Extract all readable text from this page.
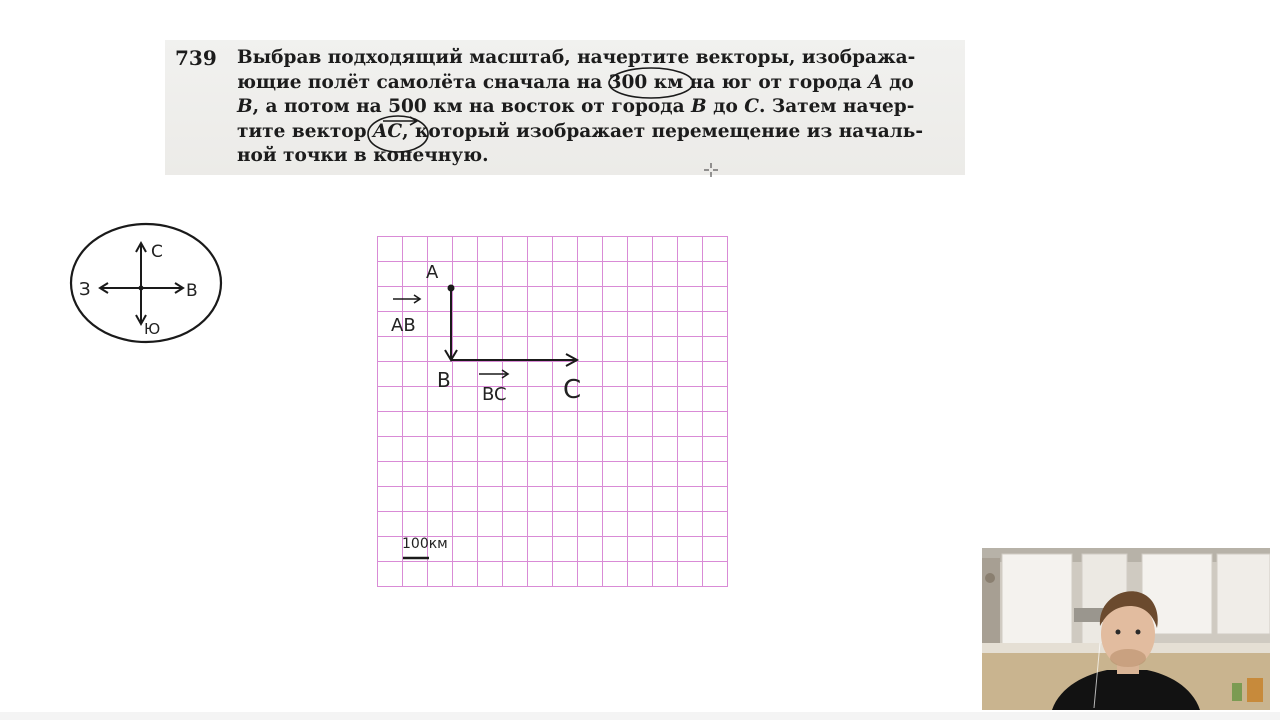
739 Выбрав подходящий масштаб, начертите векторы, изобража-
ющие полёт самолёта сначала на 300 км на юг от города A до
B, а потом на 500 км на восток от города B до C. Затем начер-
тите вектор AC, который изображает перемещение из началь-
ной точки в конечную.
С
Ю
З	В
A
B	C
AB
BC
100км
